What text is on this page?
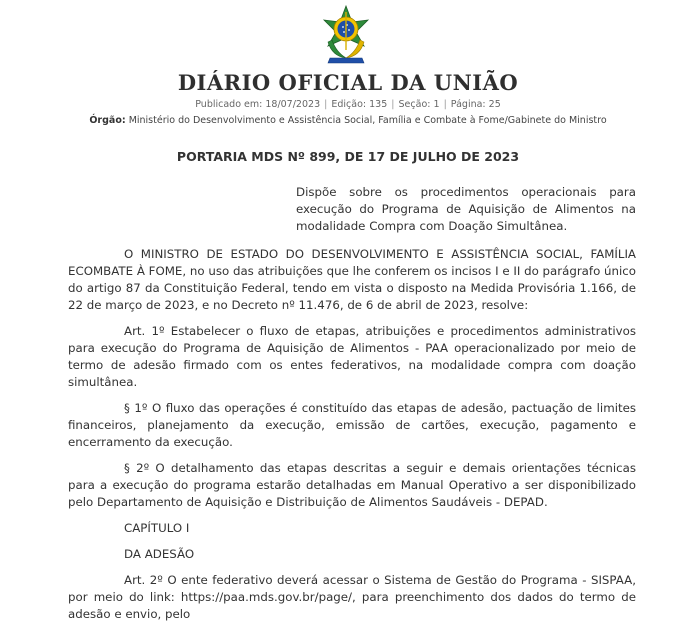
DIÁRIO OFICIAL DA UNIÃO
Publicado em: 18/07/2023 | Edição: 135 | Seção: 1 | Página: 25
Órgão: Ministério do Desenvolvimento e Assistência Social, Família e Combate à Fome/Gabinete do Ministro
PORTARIA MDS Nº 899, DE 17 DE JULHO DE 2023
Dispõe sobre os procedimentos operacionais para execução do Programa de Aquisição de Alimentos na modalidade Compra com Doação Simultânea.

O MINISTRO DE ESTADO DO DESENVOLVIMENTO E ASSISTÊNCIA SOCIAL, FAMÍLIA ECOMBATE À FOME, no uso das atribuições que lhe conferem os incisos I e II do parágrafo único do artigo 87 da Constituição Federal, tendo em vista o disposto na Medida Provisória 1.166, de 22 de março de 2023, e no Decreto nº 11.476, de 6 de abril de 2023, resolve:

Art. 1º Estabelecer o fluxo de etapas, atribuições e procedimentos administrativos para execução do Programa de Aquisição de Alimentos - PAA operacionalizado por meio de termo de adesão firmado com os entes federativos, na modalidade compra com doação simultânea.

§ 1º O fluxo das operações é constituído das etapas de adesão, pactuação de limites financeiros, planejamento da execução, emissão de cartões, execução, pagamento e encerramento da execução.

§ 2º O detalhamento das etapas descritas a seguir e demais orientações técnicas para a execução do programa estarão detalhadas em Manual Operativo a ser disponibilizado pelo Departamento de Aquisição e Distribuição de Alimentos Saudáveis - DEPAD.

CAPÍTULO I

DA ADESÃO

Art. 2º O ente federativo deverá acessar o Sistema de Gestão do Programa - SISPAA, por meio do link: https://paa.mds.gov.br/page/, para preenchimento dos dados do termo de adesão e envio, pelo
